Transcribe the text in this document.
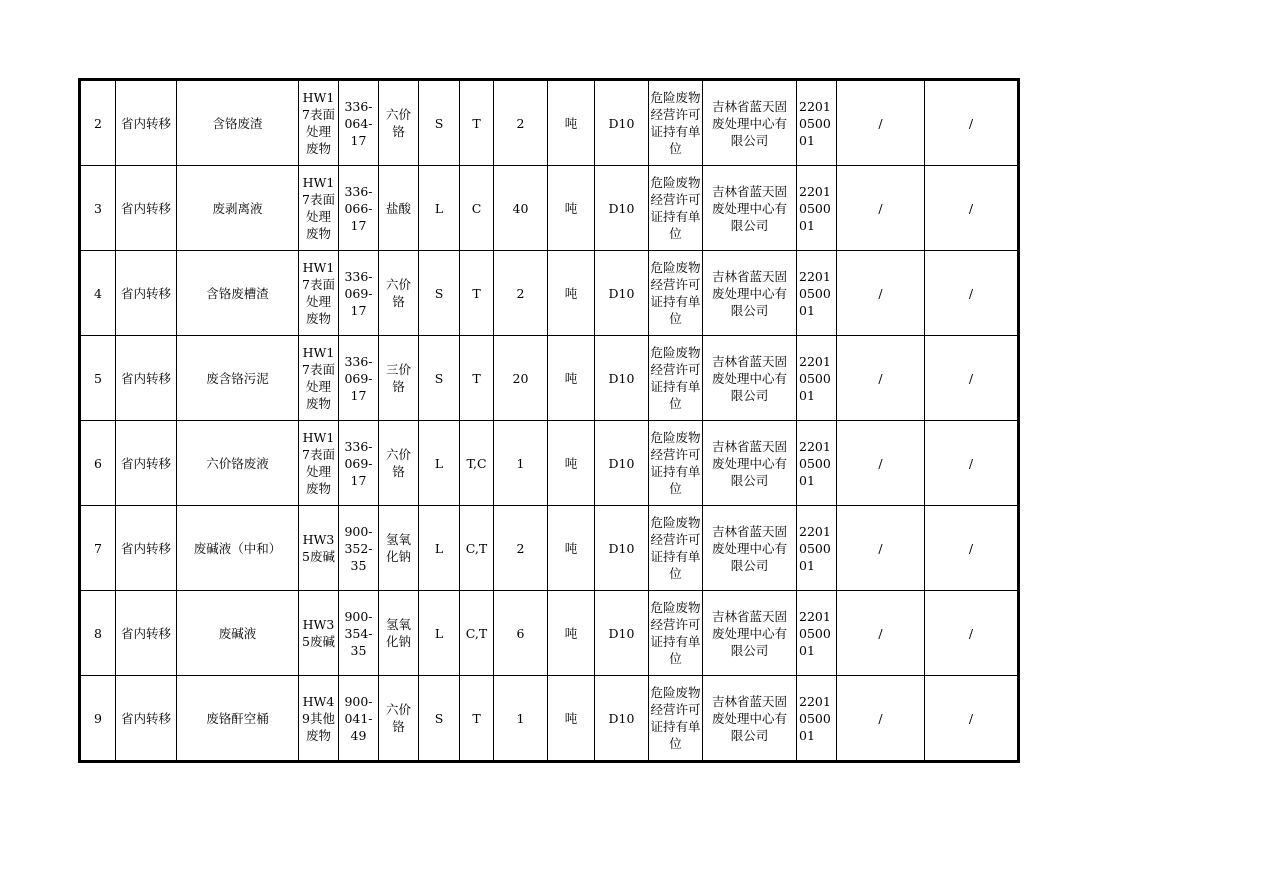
2	省内转移	含铬废渣	HW17表面处理废物	336-064-17	六价铬	S	T	2	吨	D10	危险废物经营许可证持有单位	吉林省蓝天固废处理中心有限公司	2201050001	/	/
3	省内转移	废剥离液	HW17表面处理废物	336-066-17	盐酸	L	C	40	吨	D10	危险废物经营许可证持有单位	吉林省蓝天固废处理中心有限公司	2201050001	/	/
4	省内转移	含铬废槽渣	HW17表面处理废物	336-069-17	六价铬	S	T	2	吨	D10	危险废物经营许可证持有单位	吉林省蓝天固废处理中心有限公司	2201050001	/	/
5	省内转移	废含铬污泥	HW17表面处理废物	336-069-17	三价铬	S	T	20	吨	D10	危险废物经营许可证持有单位	吉林省蓝天固废处理中心有限公司	2201050001	/	/
6	省内转移	六价铬废液	HW17表面处理废物	336-069-17	六价铬	L	T,C	1	吨	D10	危险废物经营许可证持有单位	吉林省蓝天固废处理中心有限公司	2201050001	/	/
7	省内转移	废碱液（中和）	HW35废碱	900-352-35	氢氧化钠	L	C,T	2	吨	D10	危险废物经营许可证持有单位	吉林省蓝天固废处理中心有限公司	2201050001	/	/
8	省内转移	废碱液	HW35废碱	900-354-35	氢氧化钠	L	C,T	6	吨	D10	危险废物经营许可证持有单位	吉林省蓝天固废处理中心有限公司	2201050001	/	/
9	省内转移	废铬酐空桶	HW49其他废物	900-041-49	六价铬	S	T	1	吨	D10	危险废物经营许可证持有单位	吉林省蓝天固废处理中心有限公司	2201050001	/	/
